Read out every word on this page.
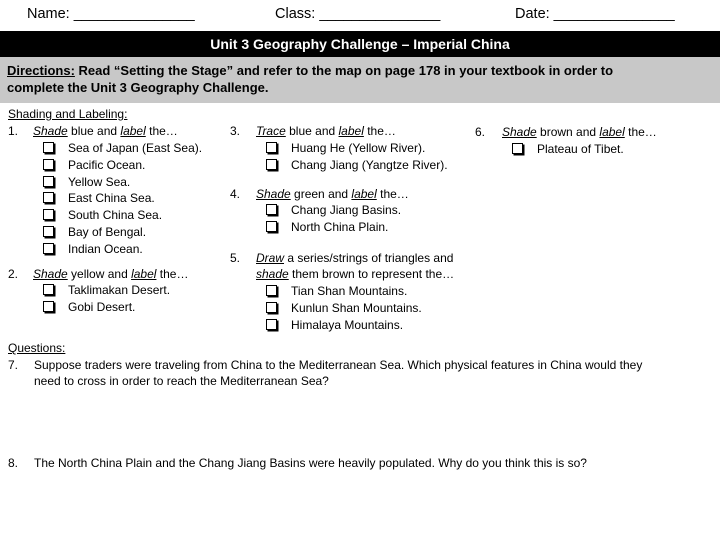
Name: _______________	Class: _______________	Date: _______________
Unit 3 Geography Challenge – Imperial China
Directions: Read “Setting the Stage” and refer to the map on page 178 in your textbook in order to
complete the Unit 3 Geography Challenge.
Shading and Labeling:
1. Shade blue and label the…
Sea of Japan (East Sea).
Pacific Ocean.
Yellow Sea.
East China Sea.
South China Sea.
Bay of Bengal.
Indian Ocean.
2. Shade yellow and label the…
Taklimakan Desert.
Gobi Desert.
3. Trace blue and label the…
Huang He (Yellow River).
Chang Jiang (Yangtze River).
4. Shade green and label the…
Chang Jiang Basins.
North China Plain.
5. Draw a series/strings of triangles and
shade them brown to represent the…
Tian Shan Mountains.
Kunlun Shan Mountains.
Himalaya Mountains.
6. Shade brown and label the…
Plateau of Tibet.
Questions:
7. Suppose traders were traveling from China to the Mediterranean Sea. Which physical features in China would they
need to cross in order to reach the Mediterranean Sea?
8. The North China Plain and the Chang Jiang Basins were heavily populated. Why do you think this is so?
